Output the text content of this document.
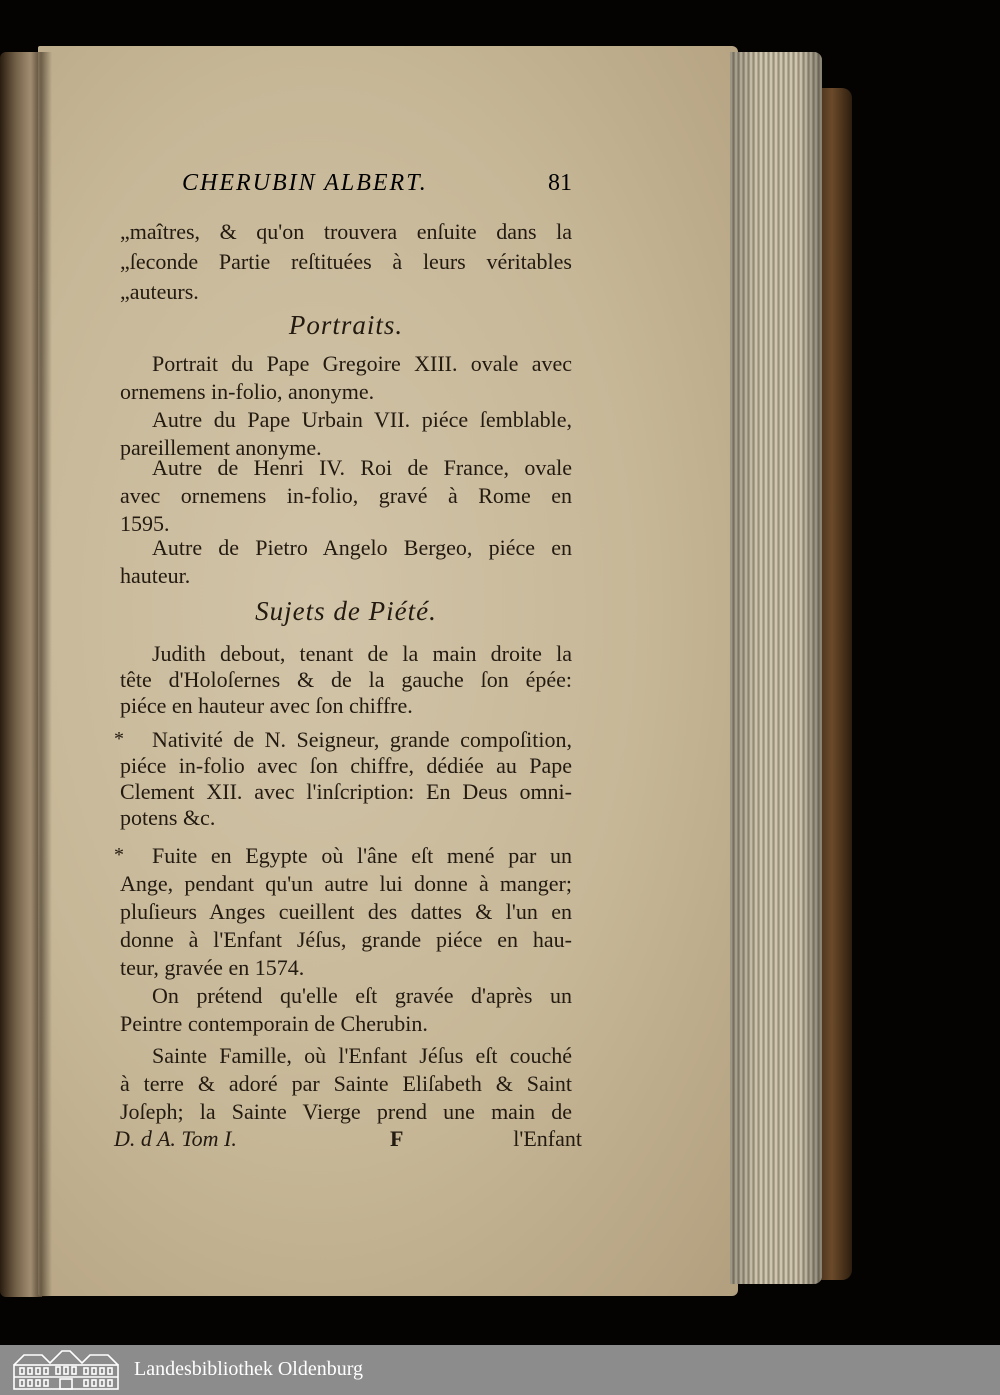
CHERUBIN ALBERT.	81
„maîtres, & qu'on trouvera enſuite dans la
„ſeconde Partie reſtituées à leurs véritables
„auteurs.
Portraits.
Portrait du Pape Gregoire XIII. ovale avec
ornemens in-folio, anonyme.
Autre du Pape Urbain VII. piéce ſemblable,
pareillement anonyme.
Autre de Henri IV. Roi de France, ovale
avec ornemens in-folio, gravé à Rome en
1595.
Autre de Pietro Angelo Bergeo, piéce en
hauteur.
Sujets de Piété.
Judith debout, tenant de la main droite la
tête d'Holoſernes & de la gauche ſon épée:
piéce en hauteur avec ſon chiffre.
* Nativité de N. Seigneur, grande compoſition,
piéce in-folio avec ſon chiffre, dédiée au Pape
Clement XII. avec l'inſcription: En Deus omni-
potens &c.
* Fuite en Egypte où l'âne eſt mené par un
Ange, pendant qu'un autre lui donne à manger;
pluſieurs Anges cueillent des dattes & l'un en
donne à l'Enfant Jéſus, grande piéce en hau-
teur, gravée en 1574.
On prétend qu'elle eſt gravée d'après un
Peintre contemporain de Cherubin.
Sainte Famille, où l'Enfant Jéſus eſt couché
à terre & adoré par Sainte Eliſabeth & Saint
Joſeph; la Sainte Vierge prend une main de
D. d A. Tom I.	F	l'Enfant
Landesbibliothek Oldenburg
